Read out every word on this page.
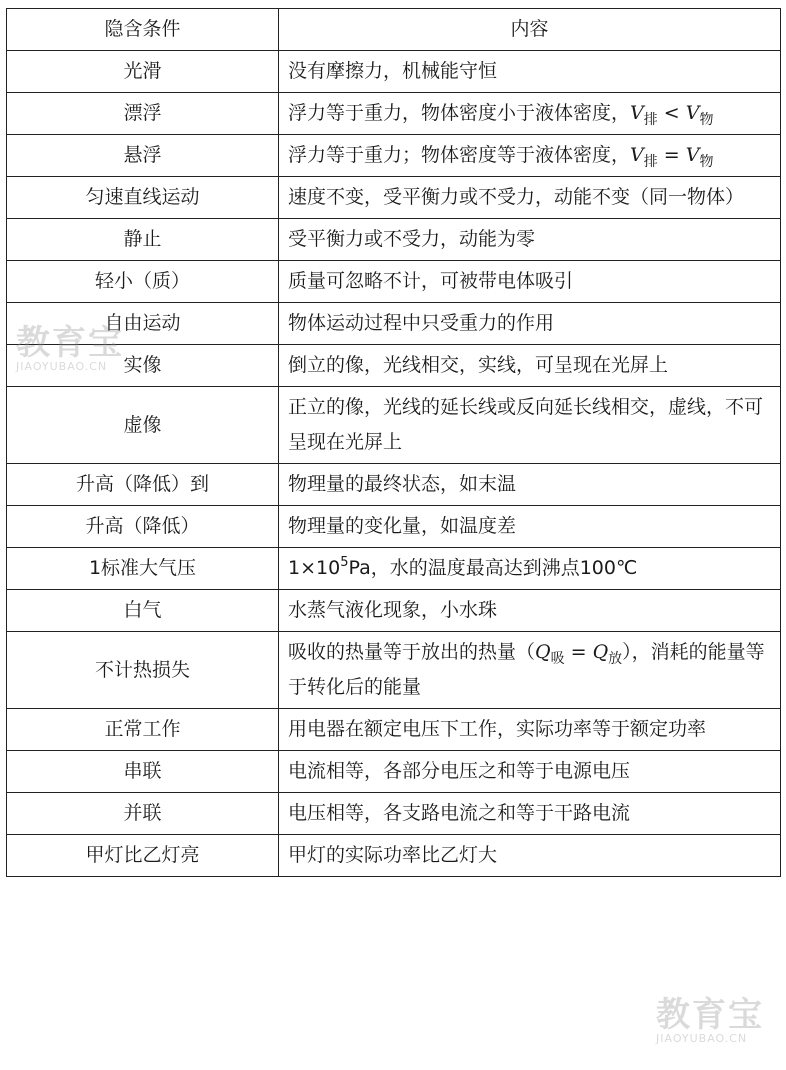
隐含条件	内容
光滑	没有摩擦力，机械能守恒
漂浮	浮力等于重力，物体密度小于液体密度，$V_排 < V_物$
悬浮	浮力等于重力；物体密度等于液体密度，$V_排 = V_物$
匀速直线运动	速度不变，受平衡力或不受力，动能不变（同一物体）
静止	受平衡力或不受力，动能为零
轻小（质）	质量可忽略不计，可被带电体吸引
自由运动	物体运动过程中只受重力的作用
实像	倒立的像，光线相交，实线，可呈现在光屏上
虚像	正立的像，光线的延长线或反向延长线相交，虚线，不可呈现在光屏上
升高（降低）到	物理量的最终状态，如末温
升高（降低）	物理量的变化量，如温度差
1标准大气压	$1\times 10^5Pa$，水的温度最高达到沸点100℃
白气	水蒸气液化现象，小水珠
不计热损失	吸收的热量等于放出的热量$(Q_吸 = Q_放)$，消耗的能量等于转化后的能量
正常工作	用电器在额定电压下工作，实际功率等于额定功率
串联	电流相等，各部分电压之和等于电源电压
并联	电压相等，各支路电流之和等于干路电流
甲灯比乙灯亮	甲灯的实际功率比乙灯大
教育宝
JIAOYUBAO.CN
教育宝
JIAOYUBAO.CN
